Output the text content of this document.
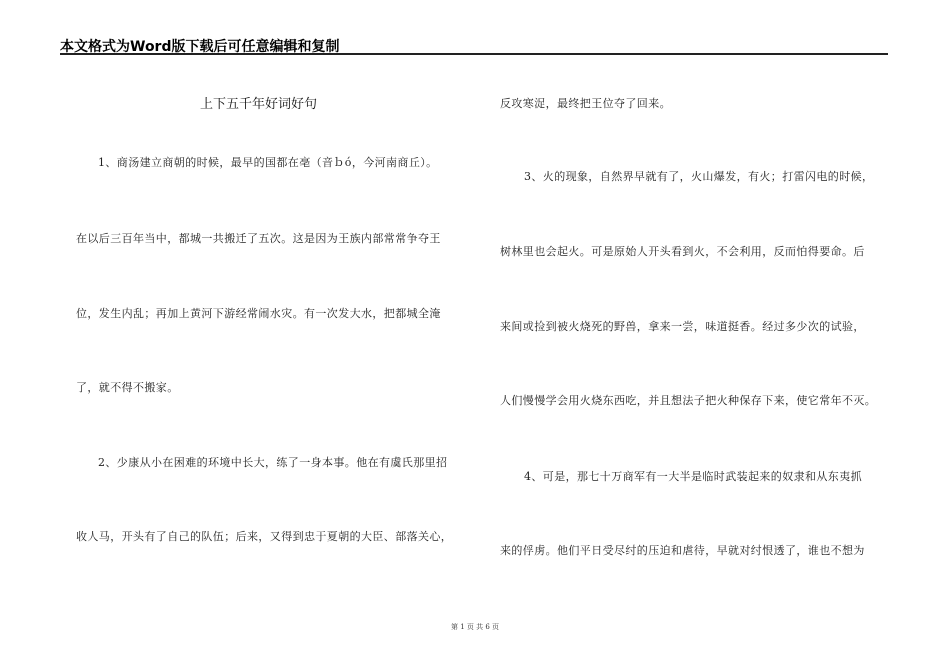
本文格式为Word版下载后可任意编辑和复制
上下五千年好词好句
1、商汤建立商朝的时候，最早的国都在亳（音ｂó，今河南商丘）。
在以后三百年当中，都城一共搬迁了五次。这是因为王族内部常常争夺王
位，发生内乱；再加上黄河下游经常闹水灾。有一次发大水，把都城全淹
了，就不得不搬家。
2、少康从小在困难的环境中长大，练了一身本事。他在有虞氏那里招
收人马，开头有了自己的队伍；后来，又得到忠于夏朝的大臣、部落关心，
反攻寒浞，最终把王位夺了回来。
3、火的现象，自然界早就有了，火山爆发，有火；打雷闪电的时候，
树林里也会起火。可是原始人开头看到火，不会利用，反而怕得要命。后
来间或捡到被火烧死的野兽，拿来一尝，味道挺香。经过多少次的试验，
人们慢慢学会用火烧东西吃，并且想法子把火种保存下来，使它常年不灭。
4、可是，那七十万商军有一大半是临时武装起来的奴隶和从东夷抓
来的俘虏。他们平日受尽纣的压迫和虐待，早就对纣恨透了，谁也不想为
第 1 页 共 6 页
